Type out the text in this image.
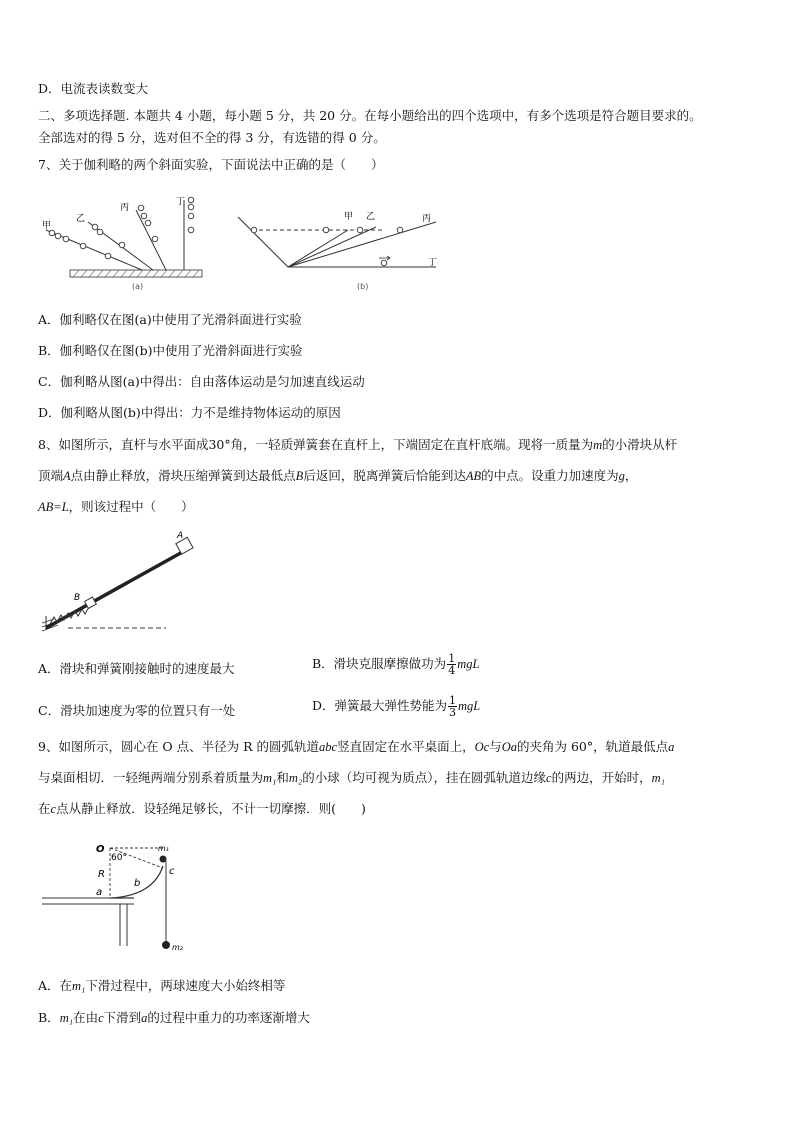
D．电流表读数变大
二、多项选择题. 本题共 4 小题，每小题 5 分，共 20 分。在每小题给出的四个选项中，有多个选项是符合题目要求的。
全部选对的得 5 分，选对但不全的得 3 分，有选错的得 0 分。
7、关于伽利略的两个斜面实验，下面说法中正确的是（　　）
甲
乙
丙
丁
(a)
甲 乙	丙
丁
(b)
A．伽利略仅在图(a)中使用了光滑斜面进行实验
B．伽利略仅在图(b)中使用了光滑斜面进行实验
C．伽利略从图(a)中得出：自由落体运动是匀加速直线运动
D．伽利略从图(b)中得出：力不是维持物体运动的原因
8、如图所示，直杆与水平面成30°角，一轻质弹簧套在直杆上，下端固定在直杆底端。现将一质量为m的小滑块从杆
顶端A点由静止释放，滑块压缩弹簧到达最低点B后返回，脱离弹簧后恰能到达AB的中点。设重力加速度为g，
AB=L，则该过程中（　　）
A
B
A．滑块和弹簧刚接触时的速度最大	B．滑块克服摩擦做功为 $\frac{1}{4}$ mgL
C．滑块加速度为零的位置只有一处	D．弹簧最大弹性势能为 $\frac{1}{3}$ mgL
9、如图所示，圆心在 O 点、半径为 R 的圆弧轨道abc竖直固定在水平桌面上，Oc与Oa的夹角为 60°，轨道最低点a
与桌面相切．一轻绳两端分别系着质量为m₁和m₂的小球（均可视为质点），挂在圆弧轨道边缘c的两边，开始时，m₁
在c点从静止释放．设轻绳足够长，不计一切摩擦．则(　　)
O
60°
R
a
b
c
m₁
m₂
A．在m₁下滑过程中，两球速度大小始终相等
B．m₁在由c下滑到a的过程中重力的功率逐渐增大
